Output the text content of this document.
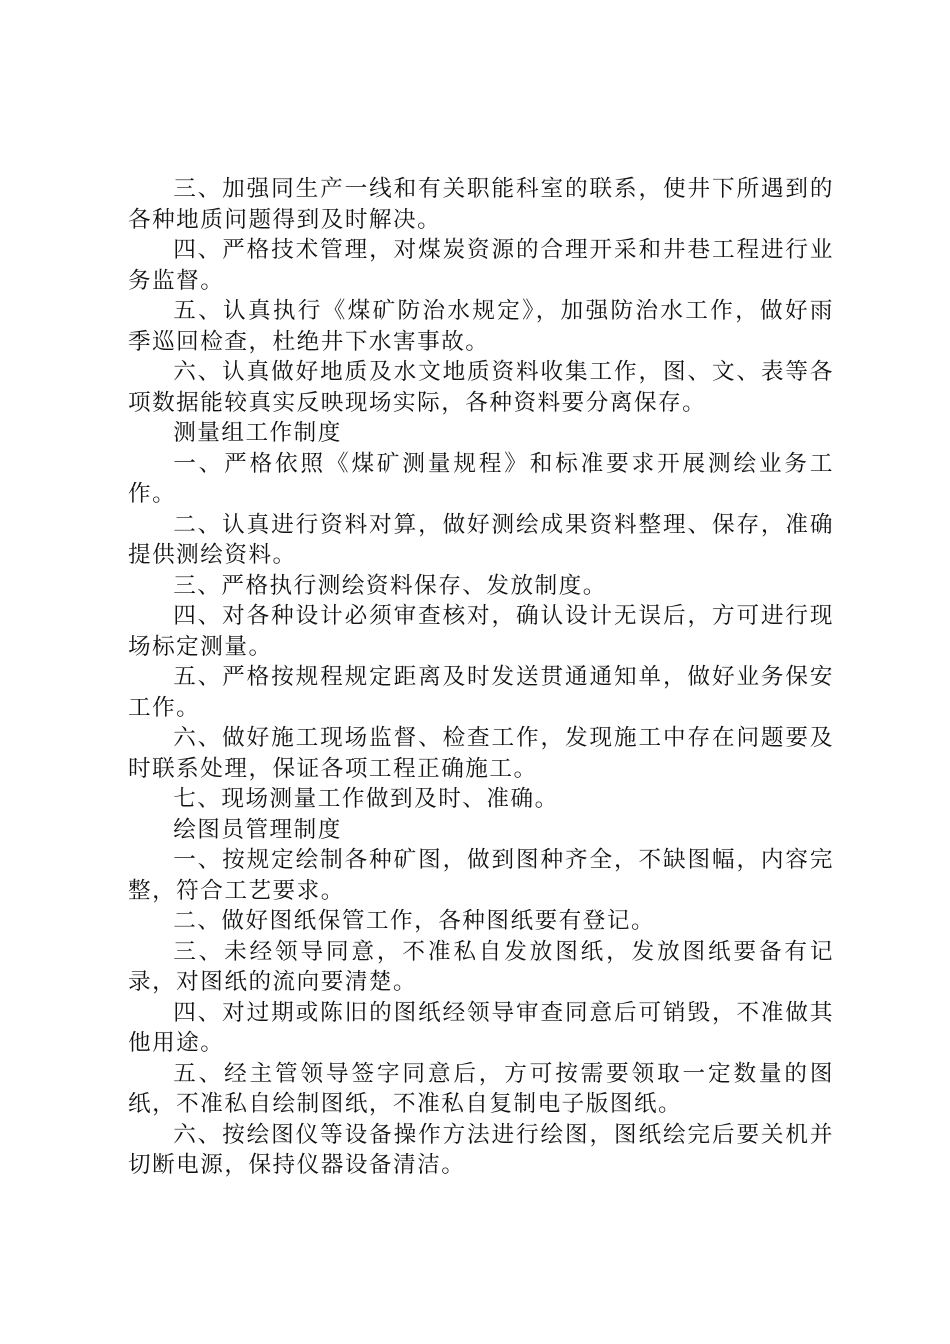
三、加强同生产一线和有关职能科室的联系，使井下所遇到的各种地质问题得到及时解决。

四、严格技术管理，对煤炭资源的合理开采和井巷工程进行业务监督。

五、认真执行《煤矿防治水规定》，加强防治水工作，做好雨季巡回检查，杜绝井下水害事故。

六、认真做好地质及水文地质资料收集工作，图、文、表等各项数据能较真实反映现场实际，各种资料要分离保存。

测量组工作制度

一、严格依照《煤矿测量规程》和标准要求开展测绘业务工作。

二、认真进行资料对算，做好测绘成果资料整理、保存，准确提供测绘资料。

三、严格执行测绘资料保存、发放制度。

四、对各种设计必须审查核对，确认设计无误后，方可进行现场标定测量。

五、严格按规程规定距离及时发送贯通通知单，做好业务保安工作。

六、做好施工现场监督、检查工作，发现施工中存在问题要及时联系处理，保证各项工程正确施工。

七、现场测量工作做到及时、准确。

绘图员管理制度

一、按规定绘制各种矿图，做到图种齐全，不缺图幅，内容完整，符合工艺要求。

二、做好图纸保管工作，各种图纸要有登记。

三、未经领导同意，不准私自发放图纸，发放图纸要备有记录，对图纸的流向要清楚。

四、对过期或陈旧的图纸经领导审查同意后可销毁，不准做其他用途。

五、经主管领导签字同意后，方可按需要领取一定数量的图纸，不准私自绘制图纸，不准私自复制电子版图纸。

六、按绘图仪等设备操作方法进行绘图，图纸绘完后要关机并切断电源，保持仪器设备清洁。
